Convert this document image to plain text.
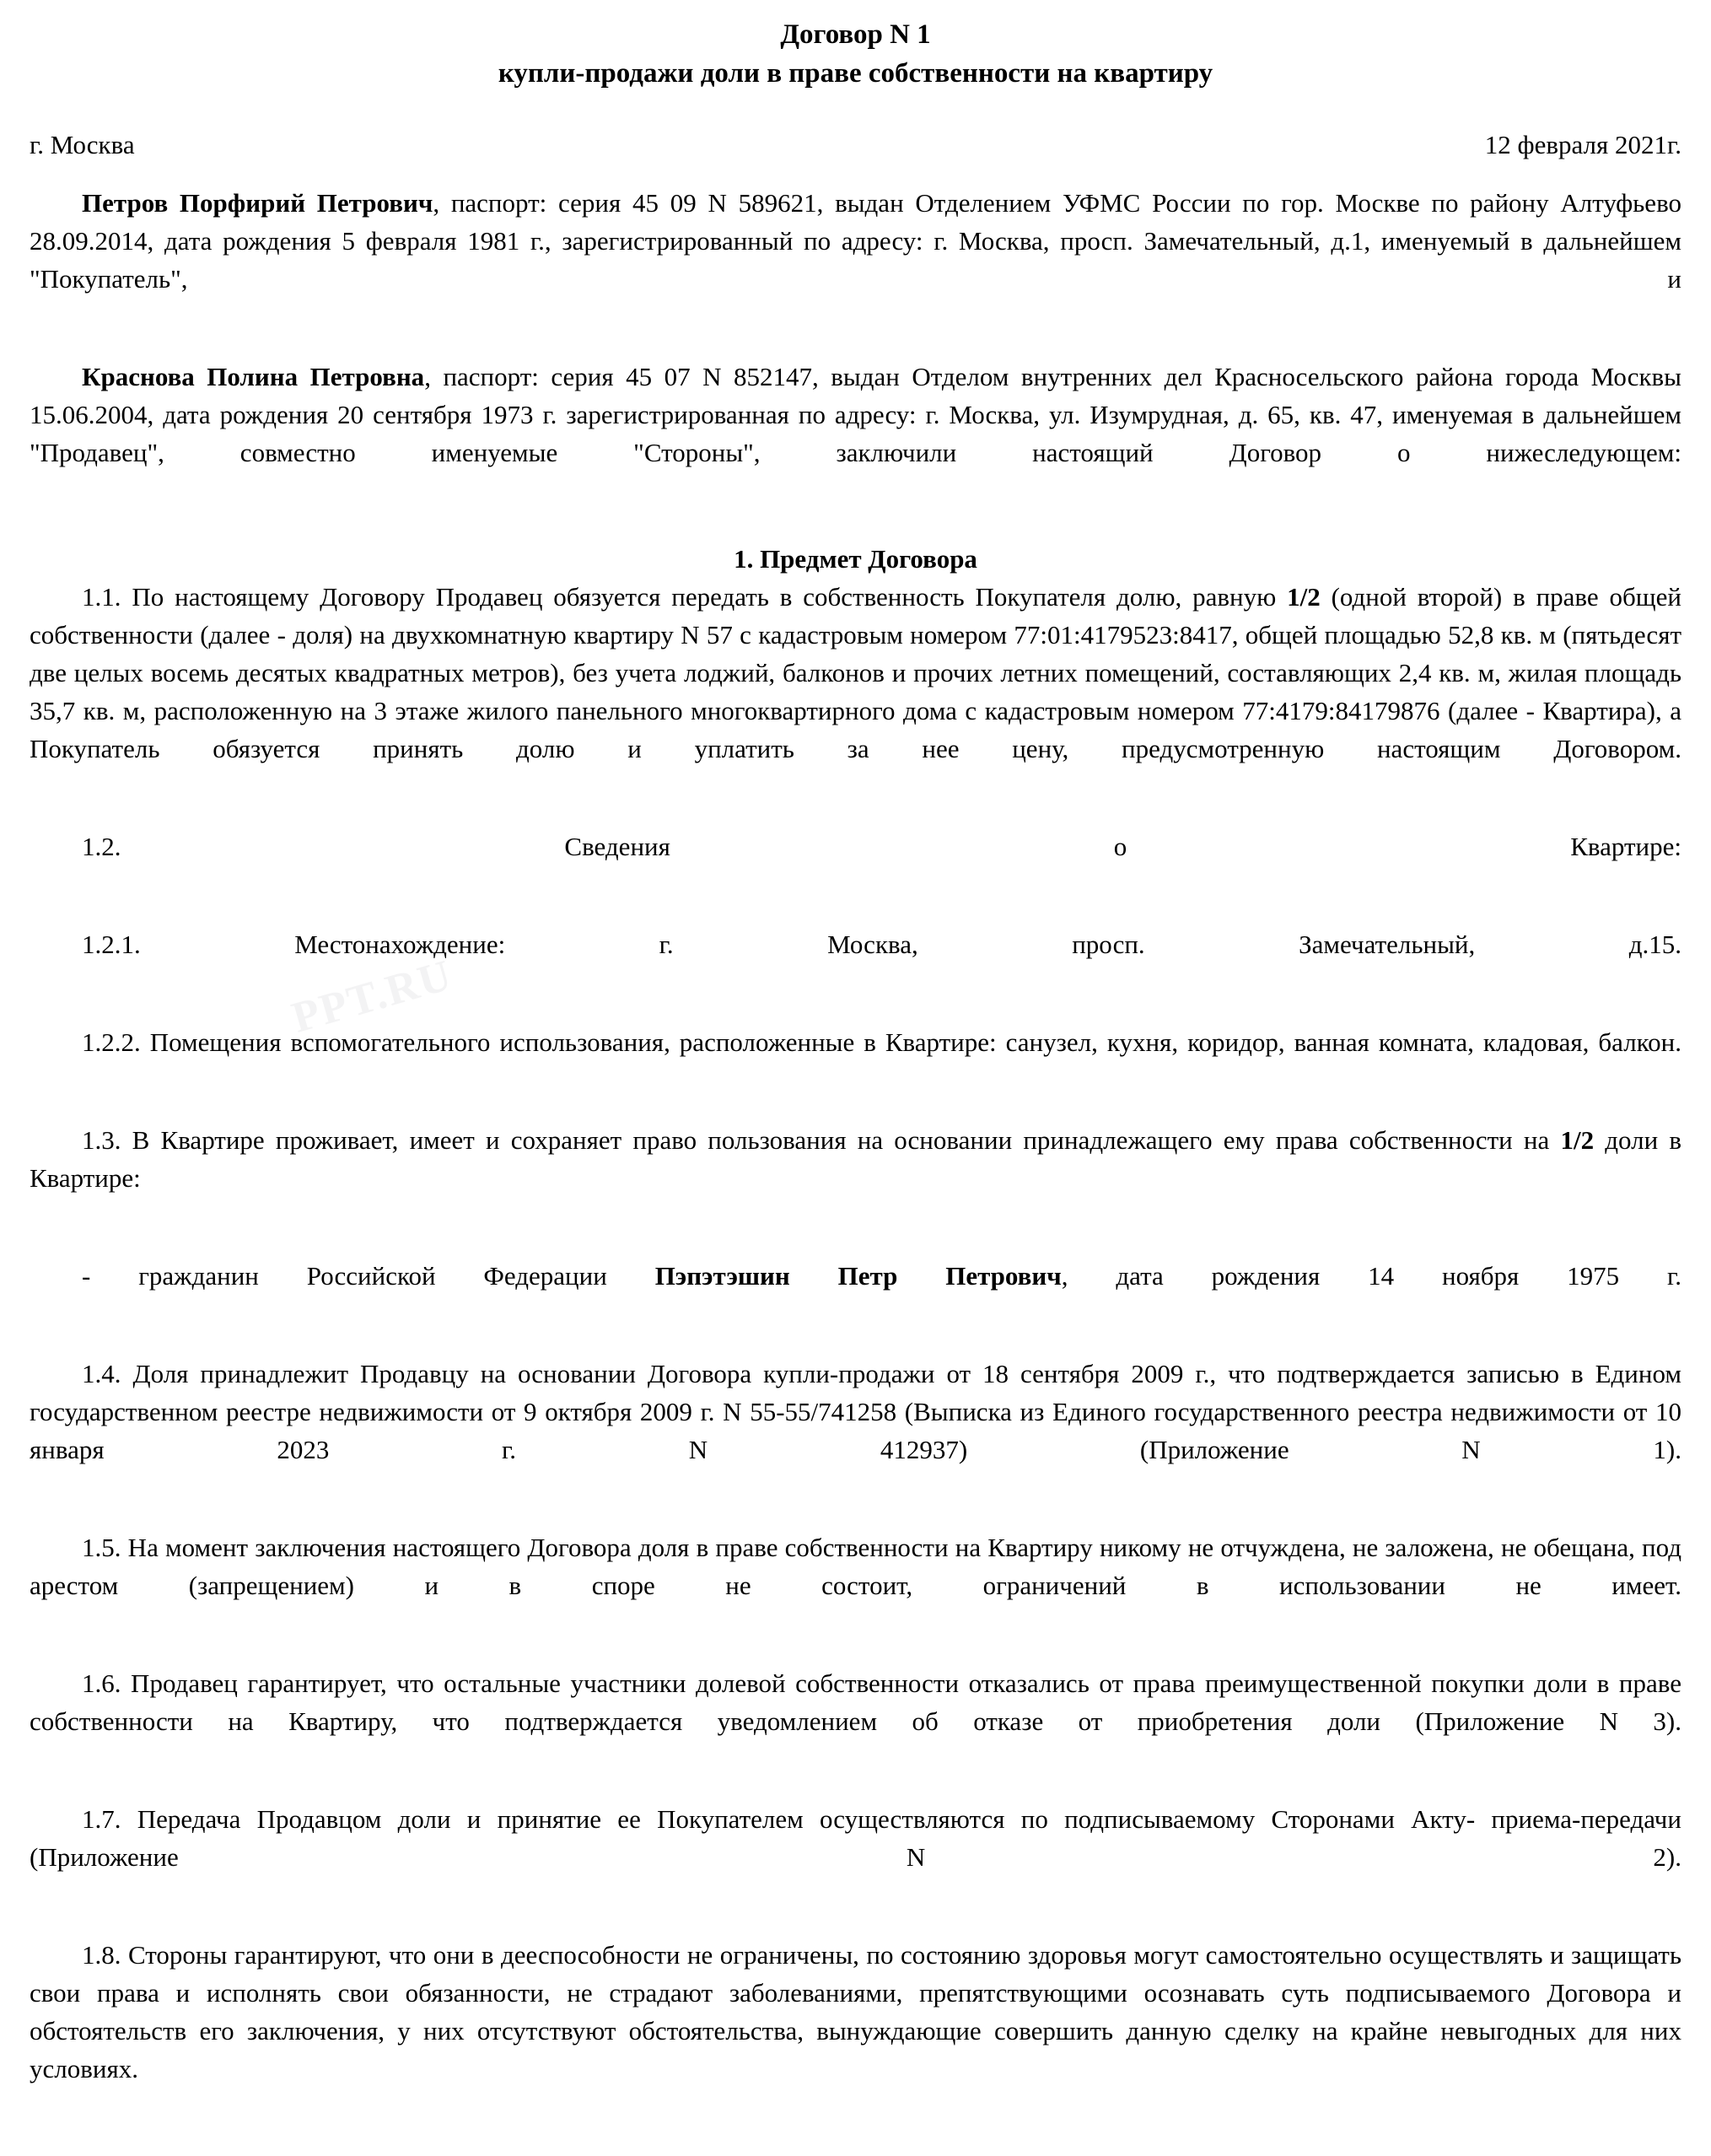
PPT.RU
Договор N 1
купли-продажи доли в праве собственности на квартиру
г. Москва	12 февраля 2021г.

Петров Порфирий Петрович, паспорт: серия 45 09 N 589621, выдан Отделением УФМС России по гор. Москве по району Алтуфьево 28.09.2014, дата рождения 5 февраля 1981 г., зарегистрированный по адресу: г. Москва, просп. Замечательный, д.1, именуемый в дальнейшем "Покупатель", и

Краснова Полина Петровна, паспорт: серия 45 07 N 852147, выдан Отделом внутренних дел Красносельского района города Москвы 15.06.2004, дата рождения 20 сентября 1973 г. зарегистрированная по адресу: г. Москва, ул. Изумрудная, д. 65, кв. 47, именуемая в дальнейшем "Продавец", совместно именуемые "Стороны", заключили настоящий Договор о нижеследующем:

1. Предмет Договора

1.1. По настоящему Договору Продавец обязуется передать в собственность Покупателя долю, равную 1/2 (одной второй) в праве общей собственности (далее - доля) на двухкомнатную квартиру N 57 с кадастровым номером 77:01:4179523:8417, общей площадью 52,8 кв. м (пятьдесят две целых восемь десятых квадратных метров), без учета лоджий, балконов и прочих летних помещений, составляющих 2,4 кв. м, жилая площадь 35,7 кв. м, расположенную на 3 этаже жилого панельного многоквартирного дома с кадастровым номером 77:4179:84179876 (далее - Квартира), а Покупатель обязуется принять долю и уплатить за нее цену, предусмотренную настоящим Договором.

1.2. Сведения о Квартире:

1.2.1. Местонахождение: г. Москва, просп. Замечательный, д.15.

1.2.2. Помещения вспомогательного использования, расположенные в Квартире: санузел, кухня, коридор, ванная комната, кладовая, балкон.

1.3. В Квартире проживает, имеет и сохраняет право пользования на основании принадлежащего ему права собственности на 1/2 доли в Квартире:

- гражданин Российской Федерации Пэпэтэшин Петр Петрович, дата рождения 14 ноября 1975 г.

1.4. Доля принадлежит Продавцу на основании Договора купли-продажи от 18 сентября 2009 г., что подтверждается записью в Едином государственном реестре недвижимости от 9 октября 2009 г. N 55-55/741258 (Выписка из Единого государственного реестра недвижимости от 10 января 2023 г. N 412937) (Приложение N 1).

1.5. На момент заключения настоящего Договора доля в праве собственности на Квартиру никому не отчуждена, не заложена, не обещана, под арестом (запрещением) и в споре не состоит, ограничений в использовании не имеет.

1.6. Продавец гарантирует, что остальные участники долевой собственности отказались от права преимущественной покупки доли в праве собственности на Квартиру, что подтверждается уведомлением об отказе от приобретения доли (Приложение N 3).

1.7. Передача Продавцом доли и принятие ее Покупателем осуществляются по подписываемому Сторонами Акту- приема-передачи (Приложение N 2).

1.8. Стороны гарантируют, что они в дееспособности не ограничены, по состоянию здоровья могут самостоятельно осуществлять и защищать свои права и исполнять свои обязанности, не страдают заболеваниями, препятствующими осознавать суть подписываемого Договора и обстоятельств его заключения, у них отсутствуют обстоятельства, вынуждающие совершить данную сделку на крайне невыгодных для них условиях.
